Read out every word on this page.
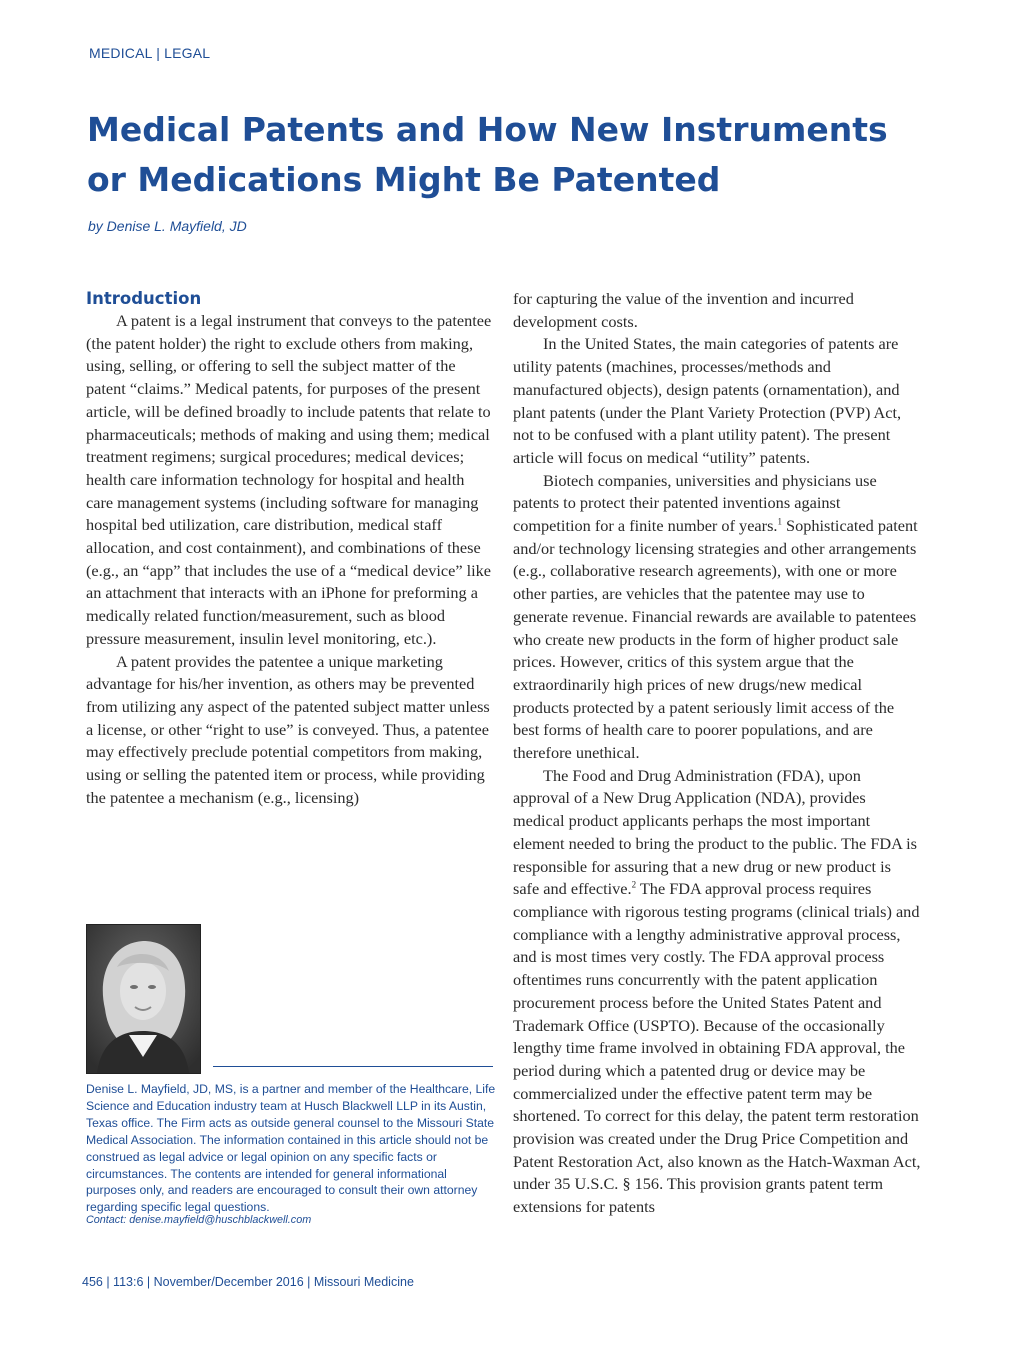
MEDICAL | LEGAL
Medical Patents and How New Instruments
or Medications Might Be Patented
by Denise L. Mayfield, JD
Introduction

A patent is a legal instrument that conveys to the patentee (the patent holder) the right to exclude others from making, using, selling, or offering to sell the subject matter of the patent “claims.” Medical patents, for purposes of the present article, will be defined broadly to include patents that relate to pharmaceuticals; methods of making and using them; medical treatment regimens; surgical procedures; medical devices; health care information technology for hospital and health care management systems (including software for managing hospital bed utilization, care distribution, medical staff allocation, and cost containment), and combinations of these (e.g., an “app” that includes the use of a “medical device” like an attachment that interacts with an iPhone for preforming a medically related function/measurement, such as blood pressure measurement, insulin level monitoring, etc.).

A patent provides the patentee a unique marketing advantage for his/her invention, as others may be prevented from utilizing any aspect of the patented subject matter unless a license, or other “right to use” is conveyed. Thus, a patentee may effectively preclude potential competitors from making, using or selling the patented item or process, while providing the patentee a mechanism (e.g., licensing)

for capturing the value of the invention and incurred development costs.

In the United States, the main categories of patents are utility patents (machines, processes/methods and manufactured objects), design patents (ornamentation), and plant patents (under the Plant Variety Protection (PVP) Act, not to be confused with a plant utility patent). The present article will focus on medical “utility” patents.

Biotech companies, universities and physicians use patents to protect their patented inventions against competition for a finite number of years.$^1$ Sophisticated patent and/or technology licensing strategies and other arrangements (e.g., collaborative research agreements), with one or more other parties, are vehicles that the patentee may use to generate revenue. Financial rewards are available to patentees who create new products in the form of higher product sale prices. However, critics of this system argue that the extraordinarily high prices of new drugs/new medical products protected by a patent seriously limit access of the best forms of health care to poorer populations, and are therefore unethical.

The Food and Drug Administration (FDA), upon approval of a New Drug Application (NDA), provides medical product applicants perhaps the most important element needed to bring the product to the public. The FDA is responsible for assuring that a new drug or new product is safe and effective.$^2$ The FDA approval process requires compliance with rigorous testing programs (clinical trials) and compliance with a lengthy administrative approval process, and is most times very costly. The FDA approval process oftentimes runs concurrently with the patent application procurement process before the United States Patent and Trademark Office (USPTO). Because of the occasionally lengthy time frame involved in obtaining FDA approval, the period during which a patented drug or device may be commercialized under the effective patent term may be shortened. To correct for this delay, the patent term restoration provision was created under the Drug Price Competition and Patent Restoration Act, also known as the Hatch-Waxman Act, under 35 U.S.C. § 156. This provision grants patent term extensions for patents

Denise L. Mayfield, JD, MS, is a partner and member of the Healthcare, Life Science and Education industry team at Husch Blackwell LLP in its Austin, Texas office. The Firm acts as outside general counsel to the Missouri State Medical Association. The information contained in this article should not be construed as legal advice or legal opinion on any specific facts or circumstances. The contents are intended for general informational purposes only, and readers are encouraged to consult their own attorney regarding specific legal questions.
Contact: denise.mayfield@huschblackwell.com
456 | 113:6 | November/December 2016 | Missouri Medicine
